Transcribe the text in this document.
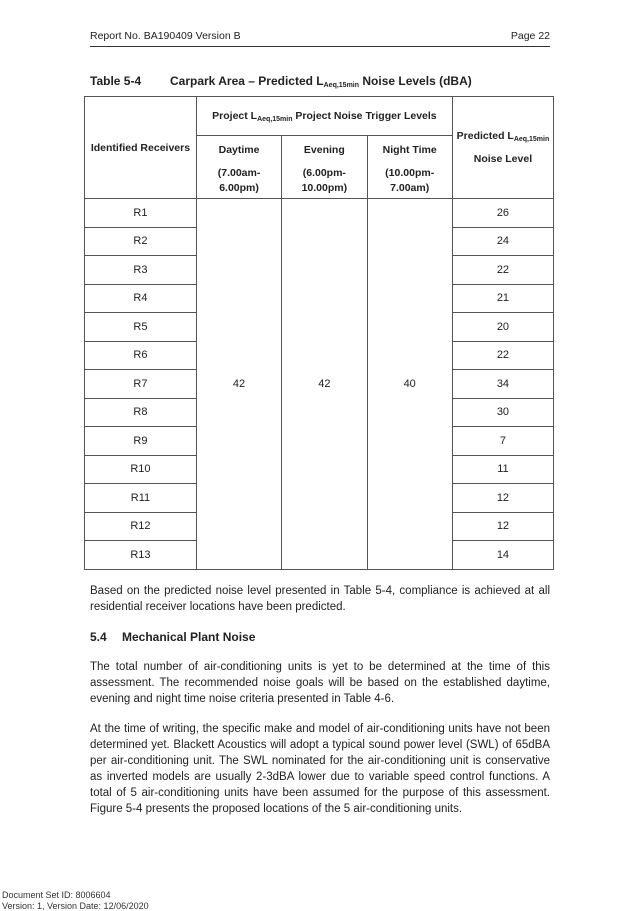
Report No. BA190409 Version B	Page 22
Table 5-4 Carpark Area – Predicted $L_{Aeq,15min}$ Noise Levels (dBA)
Identified Receivers	Project $L_{Aeq,15min}$ Project Noise Trigger Levels			Predicted $L_{Aeq,15min}$
Noise Level

	Daytime
(7.00am-
6.00pm)	Evening
(6.00pm-
10.00pm)	Night Time
(10.00pm-
7.00am)	

R1	42	42	40	26
R2				24
R3				22
R4				21
R5				20
R6				22
R7				34
R8				30
R9				7
R10				11
R11				12
R12				12
R13				14
Based on the predicted noise level presented in Table 5-4, compliance is achieved at all residential receiver locations have been predicted.
5.4 Mechanical Plant Noise
The total number of air-conditioning units is yet to be determined at the time of this assessment. The recommended noise goals will be based on the established daytime, evening and night time noise criteria presented in Table 4-6.
At the time of writing, the specific make and model of air-conditioning units have not been determined yet. Blackett Acoustics will adopt a typical sound power level (SWL) of 65dBA per air-conditioning unit. The SWL nominated for the air-conditioning unit is conservative as inverted models are usually 2-3dBA lower due to variable speed control functions. A total of 5 air-conditioning units have been assumed for the purpose of this assessment. Figure 5-4 presents the proposed locations of the 5 air-conditioning units.
Document Set ID: 8006604
Version: 1, Version Date: 12/06/2020
